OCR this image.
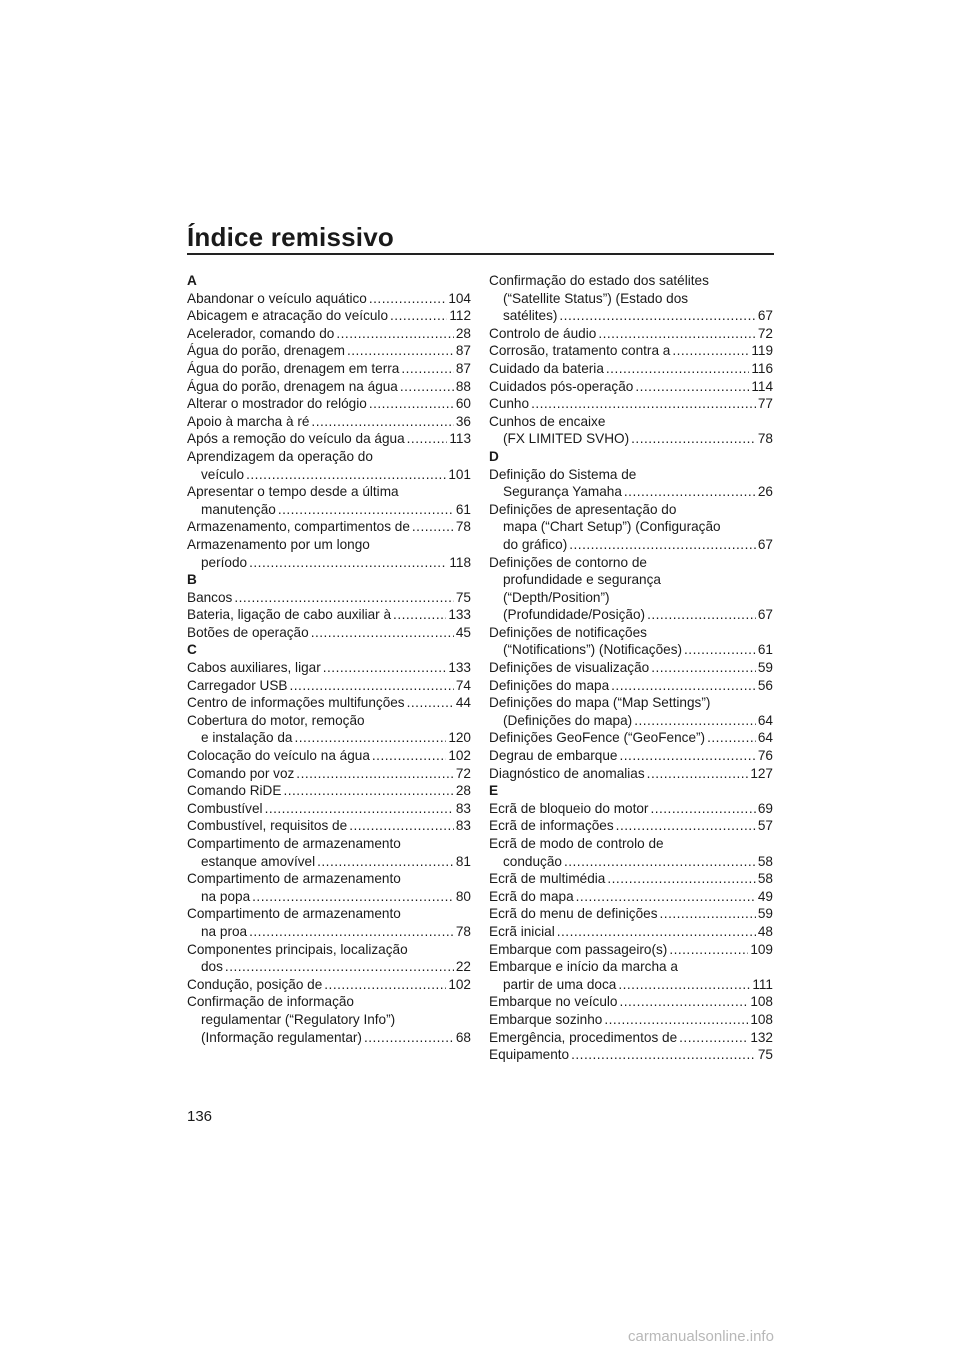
Índice remissivo
A
Abandonar o veículo aquático .....	104
Abicagem e atracação do veículo .....	112
Acelerador, comando do .....	28
Água do porão, drenagem .....	87
Água do porão, drenagem em terra .....	87
Água do porão, drenagem na água .....	88
Alterar o mostrador do relógio .....	60
Apoio à marcha à ré .....	36
Após a remoção do veículo da água .....	113
Aprendizagem da operação do
veículo .....	101
Apresentar o tempo desde a última
manutenção .....	61
Armazenamento, compartimentos de .....	78
Armazenamento por um longo
período .....	118
B
Bancos .....	75
Bateria, ligação de cabo auxiliar à .....	133
Botões de operação .....	45
C
Cabos auxiliares, ligar .....	133
Carregador USB .....	74
Centro de informações multifunções .....	44
Cobertura do motor, remoção
e instalação da .....	120
Colocação do veículo na água .....	102
Comando por voz .....	72
Comando RiDE .....	28
Combustível .....	83
Combustível, requisitos de .....	83
Compartimento de armazenamento
estanque amovível .....	81
Compartimento de armazenamento
na popa .....	80
Compartimento de armazenamento
na proa .....	78
Componentes principais, localização
dos .....	22
Condução, posição de .....	102
Confirmação de informação
regulamentar (“Regulatory Info”)
(Informação regulamentar) .....	68
Confirmação do estado dos satélites
(“Satellite Status”) (Estado dos
satélites) .....	67
Controlo de áudio .....	72
Corrosão, tratamento contra a .....	119
Cuidado da bateria .....	116
Cuidados pós-operação .....	114
Cunho .....	77
Cunhos de encaixe
(FX LIMITED SVHO) .....	78
D
Definição do Sistema de
Segurança Yamaha .....	26
Definições de apresentação do
mapa (“Chart Setup”) (Configuração
do gráfico) .....	67
Definições de contorno de
profundidade e segurança
(“Depth/Position”)
(Profundidade/Posição) .....	67
Definições de notificações
(“Notifications”) (Notificações) .....	61
Definições de visualização .....	59
Definições do mapa .....	56
Definições do mapa (“Map Settings”)
(Definições do mapa) .....	64
Definições GeoFence (“GeoFence”) .....	64
Degrau de embarque .....	76
Diagnóstico de anomalias .....	127
E
Ecrã de bloqueio do motor .....	69
Ecrã de informações .....	57
Ecrã de modo de controlo de
condução .....	58
Ecrã de multimédia .....	58
Ecrã do mapa .....	49
Ecrã do menu de definições .....	59
Ecrã inicial .....	48
Embarque com passageiro(s) .....	109
Embarque e início da marcha a
partir de uma doca .....	111
Embarque no veículo .....	108
Embarque sozinho .....	108
Emergência, procedimentos de .....	132
Equipamento .....	75
136
carmanualsonline.info
